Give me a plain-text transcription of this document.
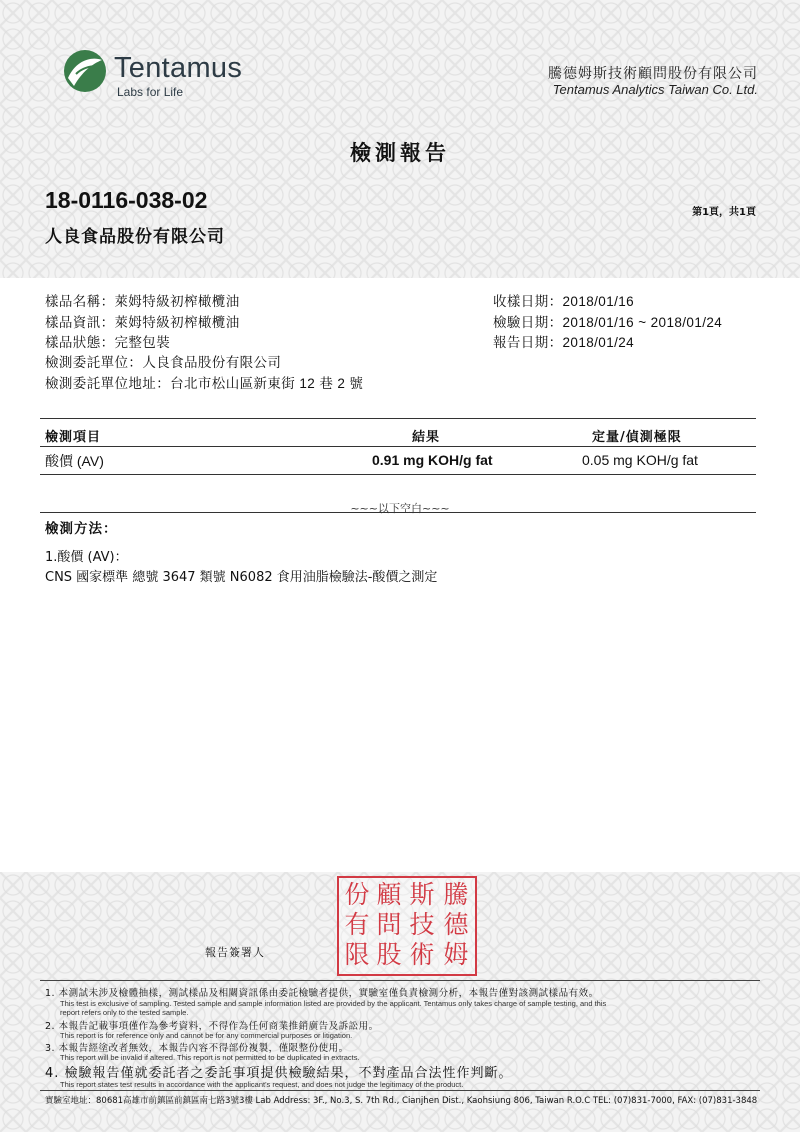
Tentamus
Labs for Life
騰德姆斯技術顧問股份有限公司
Tentamus Analytics Taiwan Co. Ltd.
檢測報告
18-0116-038-02	第1頁，共1頁
人良食品股份有限公司
樣品名稱：萊姆特級初榨橄欖油
樣品資訊：萊姆特級初榨橄欖油
樣品狀態：完整包裝
檢測委託單位：人良食品股份有限公司
檢測委託單位地址：台北市松山區新東街 12 巷 2 號
收樣日期：2018/01/16
檢驗日期：2018/01/16 ~ 2018/01/24
報告日期：2018/01/24
檢測項目	結果	定量/偵測極限
酸價 (AV)	0.91 mg KOH/g fat	0.05 mg KOH/g fat
~~~以下空白~~~
檢測方法：
1.酸價 (AV)：
CNS 國家標準 總號 3647 類號 N6082 食用油脂檢驗法-酸價之測定
騰
德
姆
斯
技
術
顧
問
股
份
有
限
報告簽署人
1. 本測試未涉及檢體抽樣，測試樣品及相關資訊係由委託檢驗者提供，實驗室僅負責檢測分析，本報告僅對該測試樣品有效。
This test is exclusive of sampling. Tested sample and sample information listed are provided by the applicant. Tentamus only takes charge of sample testing, and this
report refers only to the tested sample.
2. 本報告記載事項僅作為參考資料，不得作為任何商業推銷廣告及訴訟用。
This report is for reference only and cannot be for any commercial purposes or litigation.
3. 本報告經塗改者無效，本報告內容不得部份複製，僅限整份使用。
This report will be invalid if altered. This report is not permitted to be duplicated in extracts.
4. 檢驗報告僅就委託者之委託事項提供檢驗結果，不對產品合法性作判斷。
This report states test results in accordance with the applicant's request, and does not judge the legitimacy of the product.
實驗室地址：80681高雄市前鎮區前鎮區南七路3號3樓 Lab Address: 3F., No.3, S. 7th Rd., Cianjhen Dist., Kaohsiung 806, Taiwan R.O.C TEL: (07)831-7000, FAX: (07)831-3848
